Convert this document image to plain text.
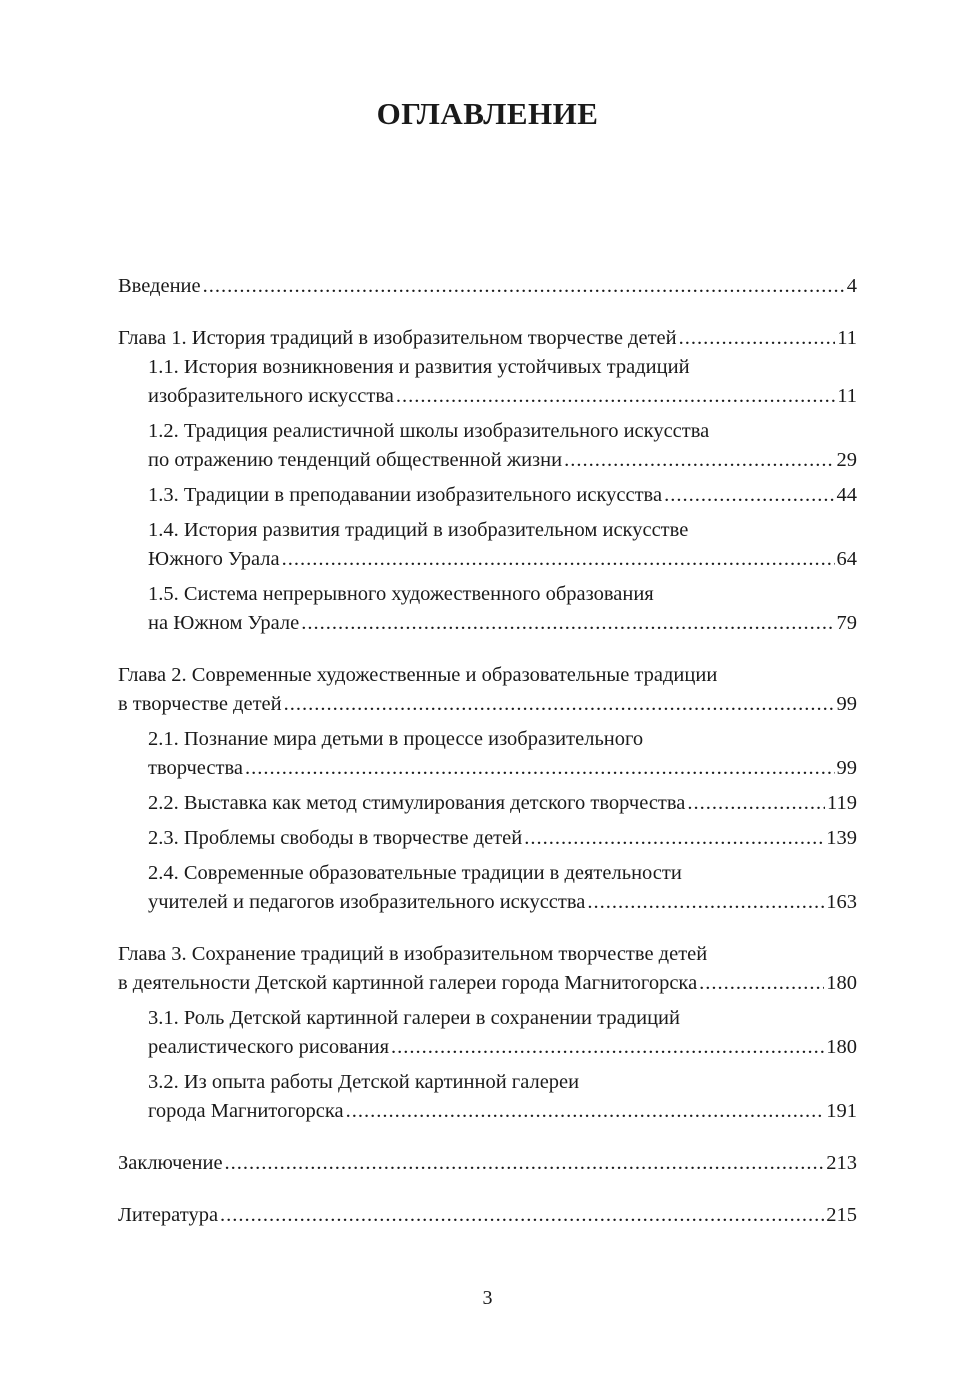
ОГЛАВЛЕНИЕ
Введение .....	4
Глава 1. История традиций в изобразительном творчестве детей .....	11
1.1. История возникновения и развития устойчивых традиций
изобразительного искусства .....	11
1.2. Традиция реалистичной школы изобразительного искусства
по отражению тенденций общественной жизни .....	29
1.3. Традиции в преподавании изобразительного искусства .....	44
1.4. История развития традиций в изобразительном искусстве
Южного Урала .....	64
1.5. Система непрерывного художественного образования
на Южном Урале .....	79
Глава 2. Современные художественные и образовательные традиции
в творчестве детей .....	99
2.1. Познание мира детьми в процессе изобразительного
творчества .....	99
2.2. Выставка как метод стимулирования детского творчества .....	119
2.3. Проблемы свободы в творчестве детей .....	139
2.4. Современные образовательные традиции в деятельности
учителей и педагогов изобразительного искусства .....	163
Глава 3. Сохранение традиций в изобразительном творчестве детей
в деятельности Детской картинной галереи города Магнитогорска .....	180
3.1. Роль Детской картинной галереи в сохранении традиций
реалистического рисования .....	180
3.2. Из опыта работы Детской картинной галереи
города Магнитогорска .....	191
Заключение .....	213
Литература .....	215
3
